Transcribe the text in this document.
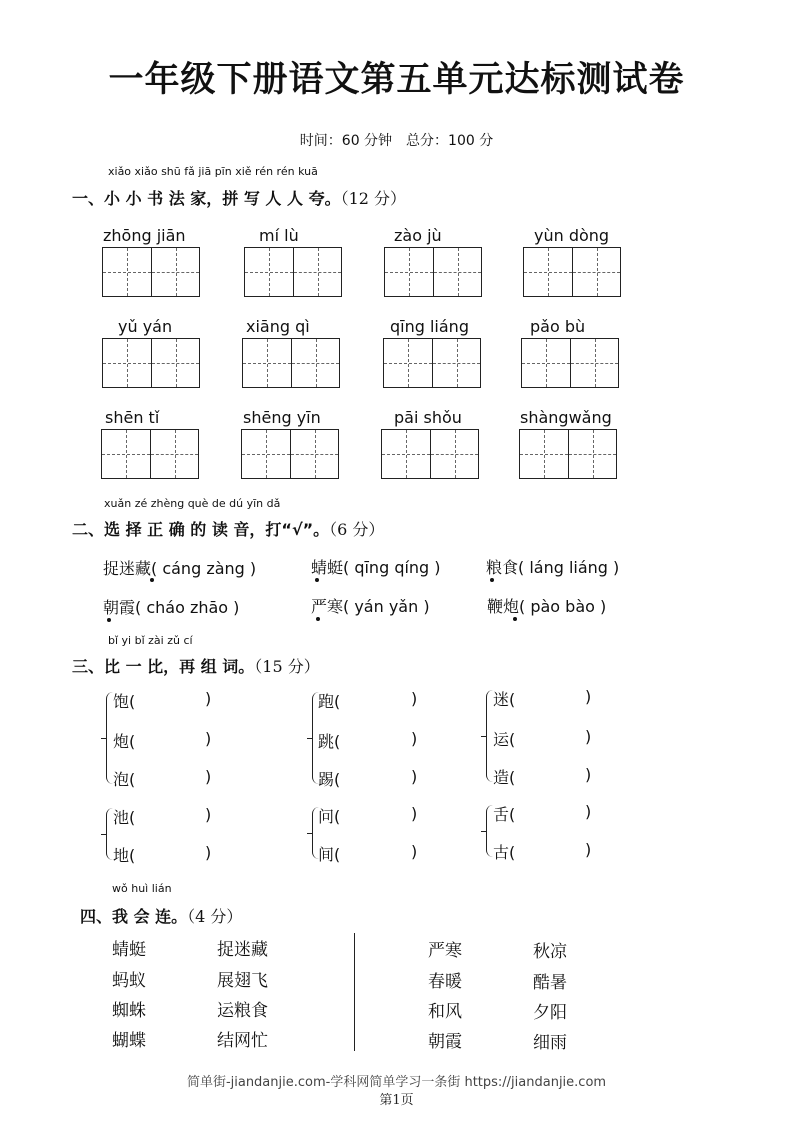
一年级下册语文第五单元达标测试卷
时间：60 分钟　总分：100 分
xiǎo xiǎo shū fǎ jiā pīn xiě rén rén kuā
一、小 小 书 法 家，拼 写 人 人 夸。（12 分）
zhōng jiān	mí lù	zào jù	yùn dòng
yǔ yán	xiāng qì	qīng liáng	pǎo bù
shēn tǐ	shēng yīn	pāi shǒu	shàngwǎng
xuǎn zé zhèng què de dú yīn dǎ
二、选 择 正 确 的 读 音，打“√”。（6 分）
捉迷藏( cáng zàng )	蜻蜓( qīng qíng )	粮食( láng liáng )
朝霞( cháo zhāo )	严寒( yán yǎn )	鞭炮( pào bào )
bǐ yi bǐ zài zǔ cí
三、比 一 比，再 组 词。（15 分）
饱(	)
炮(	)
泡(	)
跑(	)
跳(	)
踢(	)
迷(	)
运(	)
造(	)
池(	)
地(	)
问(	)
间(	)
舌(	)
古(	)
wǒ huì lián
四、我 会 连。（4 分）
蜻蜓
蚂蚁
蜘蛛
蝴蝶
捉迷藏
展翅飞
运粮食
结网忙
严寒
春暖
和风
朝霞
秋凉
酷暑
夕阳
细雨
简单街-jiandanjie.com-学科网简单学习一条街 https://jiandanjie.com
第1页
